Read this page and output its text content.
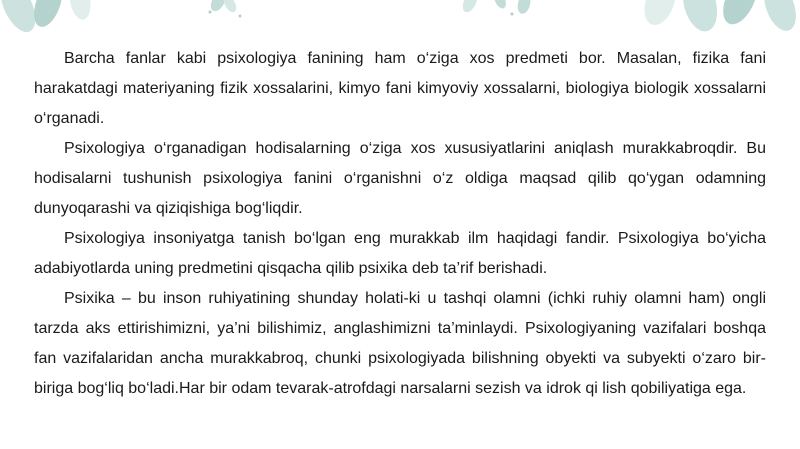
Barcha fanlar kabi psixologiya fanining ham o‘ziga xos predmeti bor. Masalan, fizika fani harakatdagi materiyaning fizik xossalarini, kimyo fani kimyoviy xossalarni, biologiya biologik xossalarni o‘rganadi.

Psixologiya o‘rganadigan hodisalarning o‘ziga xos xususiyatlarini aniqlash murakkabroqdir. Bu hodisalarni tushunish psixologiya fanini o‘rganishni o‘z oldiga maqsad qilib qo‘ygan odamning dunyoqarashi va qiziqishiga bog‘liqdir.

Psixologiya insoniyatga tanish bo‘lgan eng murakkab ilm haqidagi fandir. Psixologiya bo‘yicha adabiyotlarda uning predmetini qisqacha qilib psixika deb ta’rif berishadi.

Psixika – bu inson ruhiyatining shunday holati-ki u tashqi olamni (ichki ruhiy olamni ham) ongli tarzda aks ettirishimizni, ya’ni bilishimiz, anglashimizni ta’minlaydi. Psixologiyaning vazifalari boshqa fan vazifalaridan ancha murakkabroq, chunki psixologiyada bilishning obyekti va subyekti o‘zaro bir-biriga bog‘liq bo‘ladi.Har bir odam tevarak-atrofdagi narsalarni sezish va idrok qi lish qobiliyatiga ega.
